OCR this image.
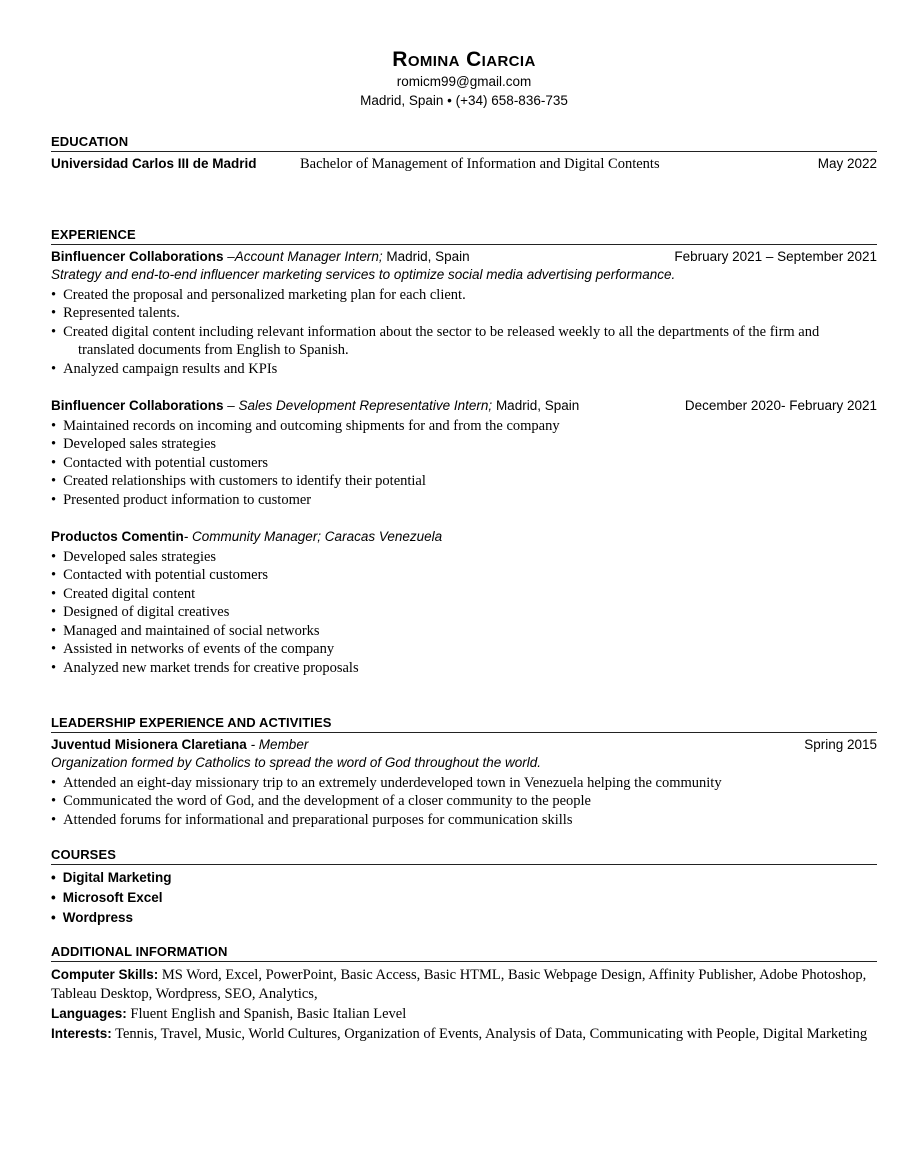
Romina Ciarcia
romicm99@gmail.com
Madrid, Spain • (+34) 658-836-735
EDUCATION
Universidad Carlos III de Madrid	Bachelor of Management of Information and Digital Contents	May 2022
EXPERIENCE
Binfluencer Collaborations –Account Manager Intern; Madrid, Spain	February 2021 – September 2021
Strategy and end-to-end influencer marketing services to optimize social media advertising performance.
• Created the proposal and personalized marketing plan for each client.
• Represented talents.
• Created digital content including relevant information about the sector to be released weekly to all the departments of the firm and translated documents from English to Spanish.
• Analyzed campaign results and KPIs
Binfluencer Collaborations – Sales Development Representative Intern; Madrid, Spain	December 2020- February 2021
• Maintained records on incoming and outcoming shipments for and from the company
• Developed sales strategies
• Contacted with potential customers
• Created relationships with customers to identify their potential
• Presented product information to customer
Productos Comentin- Community Manager; Caracas Venezuela
• Developed sales strategies
• Contacted with potential customers
• Created digital content
• Designed of digital creatives
• Managed and maintained of social networks
• Assisted in networks of events of the company
• Analyzed new market trends for creative proposals
LEADERSHIP EXPERIENCE AND ACTIVITIES
Juventud Misionera Claretiana - Member	Spring 2015
Organization formed by Catholics to spread the word of God throughout the world.
• Attended an eight-day missionary trip to an extremely underdeveloped town in Venezuela helping the community
• Communicated the word of God, and the development of a closer community to the people
• Attended forums for informational and preparational purposes for communication skills
COURSES
• Digital Marketing
• Microsoft Excel
• Wordpress
ADDITIONAL INFORMATION

Computer Skills: MS Word, Excel, PowerPoint, Basic Access, Basic HTML, Basic Webpage Design, Affinity Publisher, Adobe Photoshop, Tableau Desktop, Wordpress, SEO, Analytics,

Languages: Fluent English and Spanish, Basic Italian Level

Interests: Tennis, Travel, Music, World Cultures, Organization of Events, Analysis of Data, Communicating with People, Digital Marketing
